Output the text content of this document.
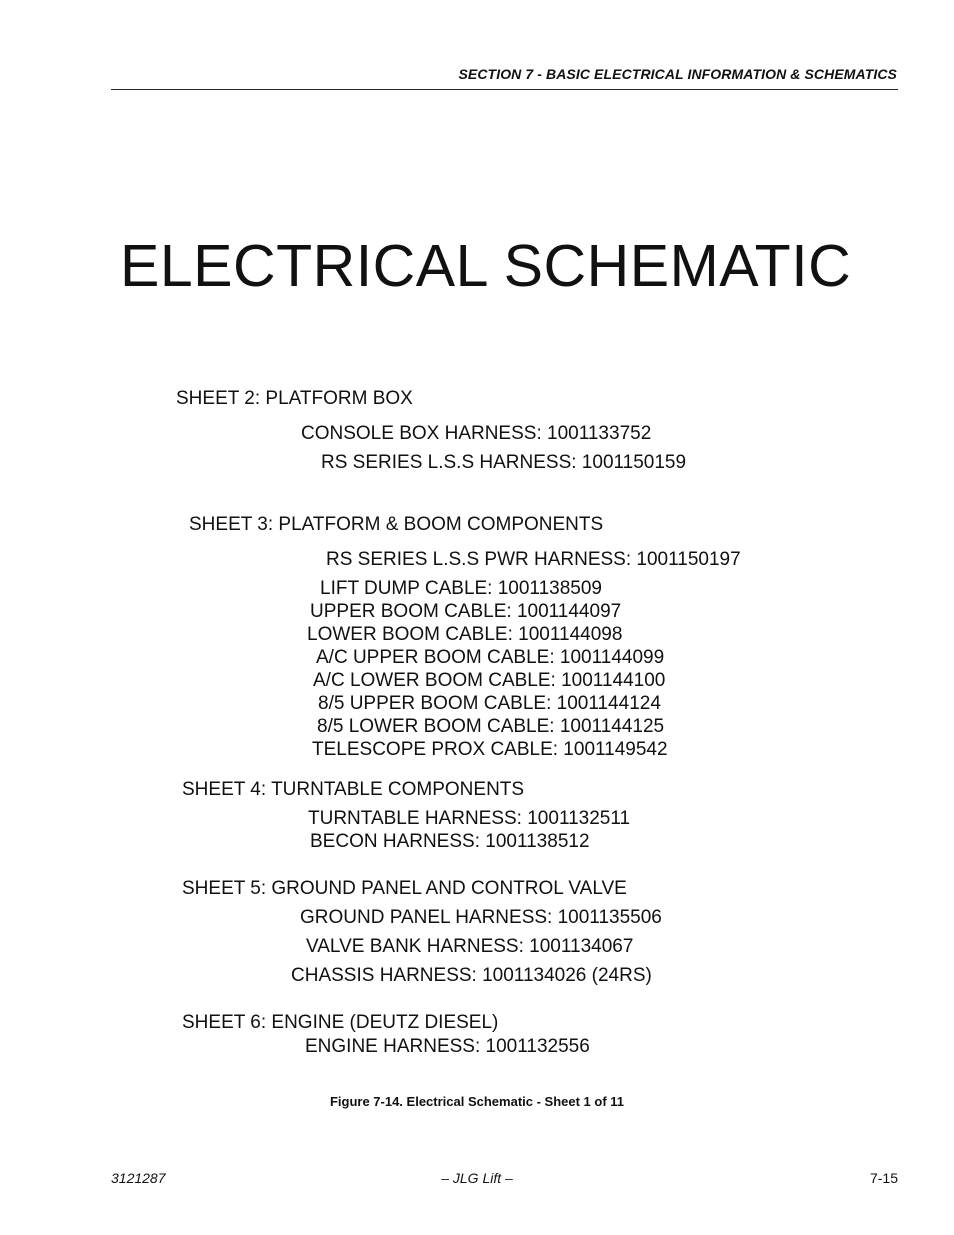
SECTION 7 - BASIC ELECTRICAL INFORMATION & SCHEMATICS
ELECTRICAL SCHEMATIC
SHEET 2: PLATFORM BOX
CONSOLE BOX HARNESS: 1001133752
RS SERIES L.S.S HARNESS: 1001150159
SHEET 3: PLATFORM & BOOM COMPONENTS
RS SERIES L.S.S PWR HARNESS: 1001150197
LIFT DUMP CABLE: 1001138509
UPPER BOOM CABLE: 1001144097
LOWER BOOM CABLE: 1001144098
A/C UPPER BOOM CABLE: 1001144099
A/C LOWER BOOM CABLE: 1001144100
8/5 UPPER BOOM CABLE: 1001144124
8/5 LOWER BOOM CABLE: 1001144125
TELESCOPE PROX CABLE: 1001149542
SHEET 4: TURNTABLE COMPONENTS
TURNTABLE HARNESS: 1001132511
BECON HARNESS: 1001138512
SHEET 5: GROUND PANEL AND CONTROL VALVE
GROUND PANEL HARNESS: 1001135506
VALVE BANK HARNESS: 1001134067
CHASSIS HARNESS: 1001134026 (24RS)
SHEET 6: ENGINE (DEUTZ DIESEL)
ENGINE HARNESS: 1001132556
Figure 7-14. Electrical Schematic - Sheet 1 of 11
3121287	– JLG Lift –	7-15
